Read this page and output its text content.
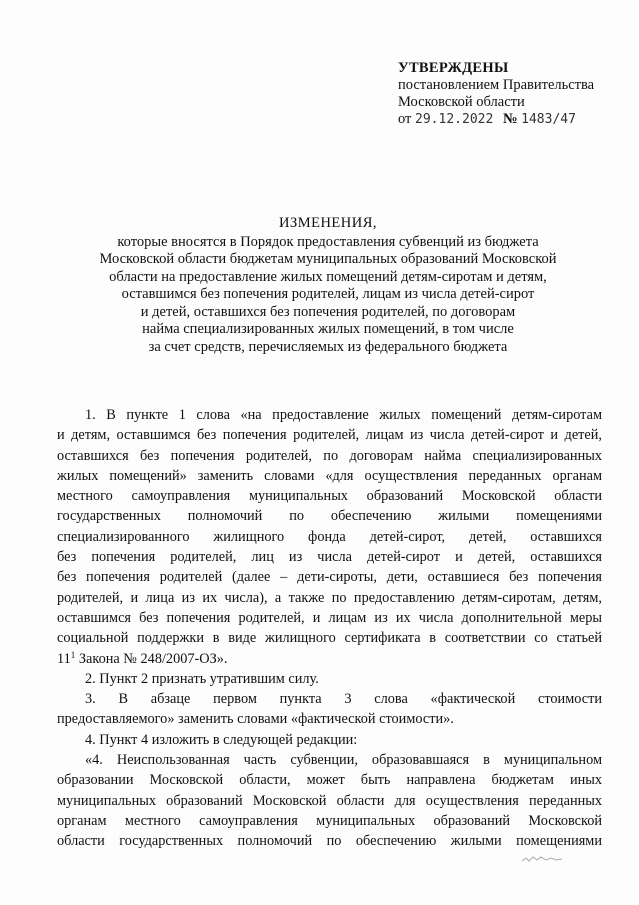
УТВЕРЖДЕНЫ
постановлением Правительства
Московской области
от 29.12.2022 № 1483/47
ИЗМЕНЕНИЯ,
которые вносятся в Порядок предоставления субвенций из бюджета
Московской области бюджетам муниципальных образований Московской
области на предоставление жилых помещений детям-сиротам и детям,
оставшимся без попечения родителей, лицам из числа детей-сирот
и детей, оставшихся без попечения родителей, по договорам
найма специализированных жилых помещений, в том числе
за счет средств, перечисляемых из федерального бюджета
1. В пункте 1 слова «на предоставление жилых помещений детям-сиротам
и детям, оставшимся без попечения родителей, лицам из числа детей-сирот и детей,
оставшихся без попечения родителей, по договорам найма специализированных
жилых помещений» заменить словами «для осуществления переданных органам
местного самоуправления муниципальных образований Московской области
государственных полномочий по обеспечению жилыми помещениями
специализированного жилищного фонда детей-сирот, детей, оставшихся
без попечения родителей, лиц из числа детей-сирот и детей, оставшихся
без попечения родителей (далее – дети-сироты, дети, оставшиеся без попечения
родителей, и лица из их числа), а также по предоставлению детям-сиротам, детям,
оставшимся без попечения родителей, и лицам из их числа дополнительной меры
социальной поддержки в виде жилищного сертификата в соответствии со статьей
$11^1$ Закона № 248/2007-ОЗ».
2. Пункт 2 признать утратившим силу.
3. В абзаце первом пункта 3 слова «фактической стоимости
предоставляемого» заменить словами «фактической стоимости».
4. Пункт 4 изложить в следующей редакции:
«4. Неиспользованная часть субвенции, образовавшаяся в муниципальном
образовании Московской области, может быть направлена бюджетам иных
муниципальных образований Московской области для осуществления переданных
органам местного самоуправления муниципальных образований Московской
области государственных полномочий по обеспечению жилыми помещениями
